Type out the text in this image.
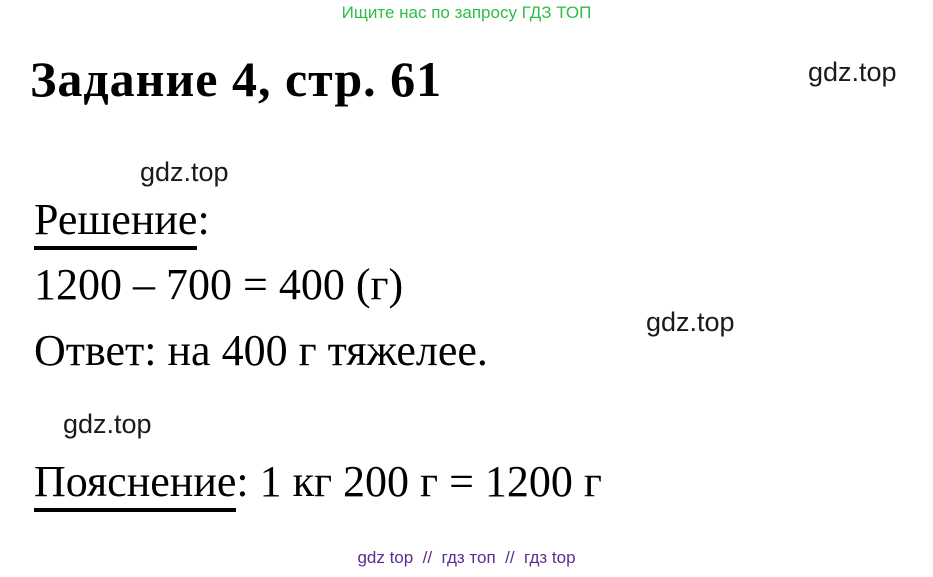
Ищите нас по запросу ГДЗ ТОП
Задание 4, стр. 61	gdz.top
gdz.top
Решение:
1200 – 700 = 400 (г)
Ответ: на 400 г тяжелее.
gdz.top
gdz.top
Пояснение: 1 кг 200 г = 1200 г
gdz top  //  гдз топ  //  гдз top
